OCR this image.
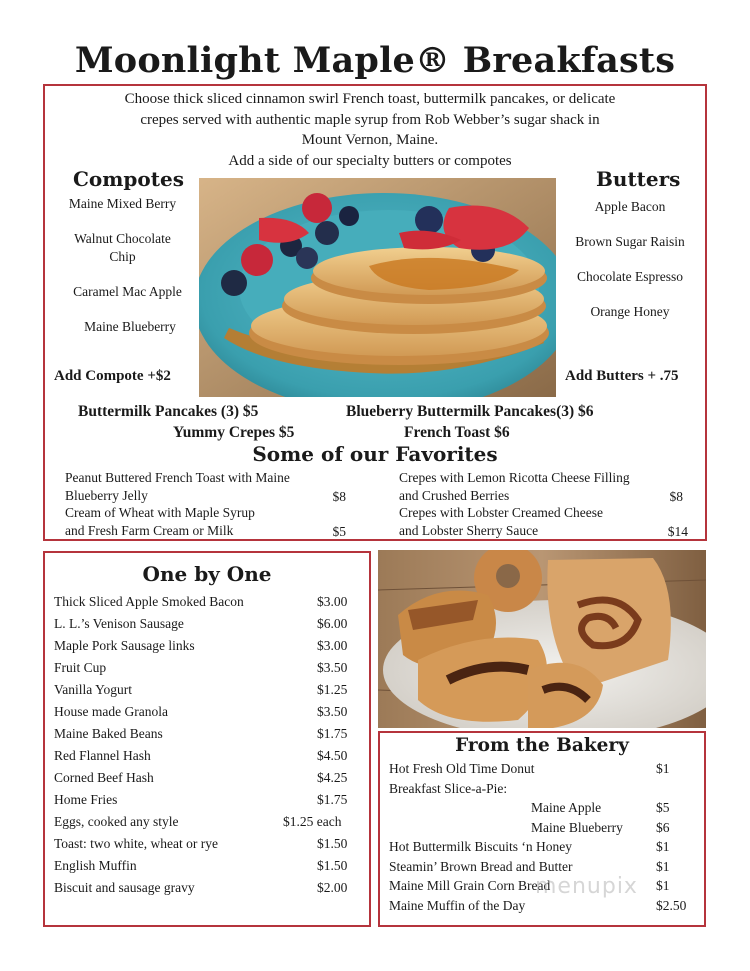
Moonlight Maple® Breakfasts
Choose thick sliced cinnamon swirl French toast, buttermilk pancakes, or delicate
crepes served with authentic maple syrup from Rob Webber’s sugar shack in
Mount Vernon, Maine.
Add a side of our specialty butters or compotes
Compotes
Maine Mixed Berry
Walnut Chocolate Chip
Caramel Mac Apple
Maine Blueberry
Add Compote +$2
Butters
Apple Bacon
Brown Sugar Raisin
Chocolate Espresso
Orange Honey
Add Butters + .75
Buttermilk Pancakes (3) $5	Blueberry Buttermilk Pancakes(3) $6
Yummy Crepes $5	French Toast $6
Some of our Favorites
Peanut Buttered French Toast with Maine
Blueberry Jelly	$8
Crepes with Lemon Ricotta Cheese Filling
and Crushed Berries	$8
Cream of Wheat with Maple Syrup
and Fresh Farm Cream or Milk	$5
Crepes with Lobster Creamed Cheese
and Lobster Sherry Sauce	$14
One by One
Thick Sliced Apple Smoked Bacon	$3.00
L. L.’s Venison Sausage	$6.00
Maple Pork Sausage links	$3.00
Fruit Cup	$3.50
Vanilla Yogurt	$1.25
House made Granola	$3.50
Maine Baked Beans	$1.75
Red Flannel Hash	$4.50
Corned Beef Hash	$4.25
Home Fries	$1.75
Eggs, cooked any style	$1.25 each
Toast: two white, wheat or rye	$1.50
English Muffin	$1.50
Biscuit and sausage gravy	$2.00
From the Bakery
Hot Fresh Old Time Donut	$1
Breakfast Slice-a-Pie:
Maine Apple	$5
Maine Blueberry $6
Hot Buttermilk Biscuits ‘n Honey	$1
Steamin’ Brown Bread and Butter	$1
Maine Mill Grain Corn Bread	$1
Maine Muffin of the Day	$2.50
menupix
